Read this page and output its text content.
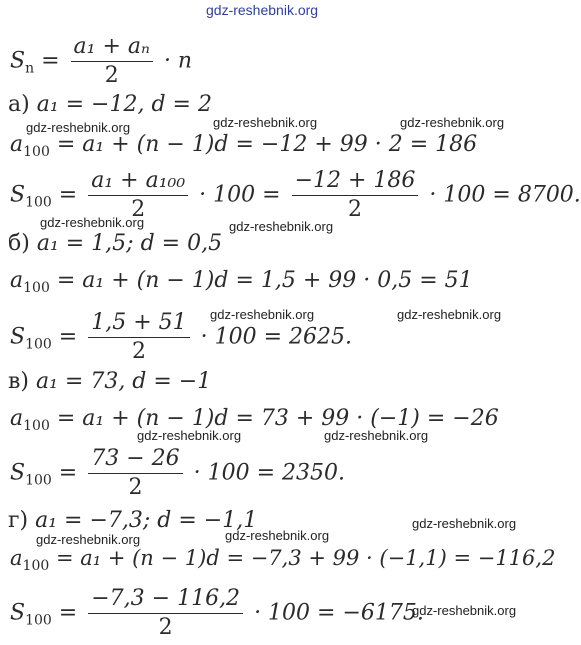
gdz-reshebnik.org
$S_n = \frac{\text{a₁ + aₙ}}{2} \cdot n$
а) a₁ = −12, d = 2
gdz-reshebnik.org	gdz-reshebnik.org	gdz-reshebnik.org
$a_{100} = a_1 + (n - 1)d = -12 + 99 \cdot 2 = 186$
$S_{100} = \frac{\text{a₁ + a₁₀₀}}{2} \cdot 100 = \frac{-12 + 186}{2} \cdot 100 = 8700$.
gdz-reshebnik.org	gdz-reshebnik.org
б) a₁ = 1,5; d = 0,5
$a_{100} = a_1 + (n - 1)d = 1,5 + 99 \cdot 0,5 = 51$
gdz-reshebnik.org	gdz-reshebnik.org
$S_{100} = \frac{1,5 + 51}{2} \cdot 100 = 2625$.
в) a₁ = 73, d = −1
$a_{100} = a_1 + (n - 1)d = 73 + 99 \cdot (-1) = -26$
gdz-reshebnik.org	gdz-reshebnik.org
$S_{100} = \frac{73 - 26}{2} \cdot 100 = 2350$.
г) a₁ = −7,3; d = −1,1	gdz-reshebnik.org
gdz-reshebnik.org	gdz-reshebnik.org
$a_{100} = a_1 + (n - 1)d = -7,3 + 99 \cdot (-1,1) = -116,2$
$S_{100} = \frac{-7,3 - 116,2}{2} \cdot 100 = -6175$.
gdz-reshebnik.org
